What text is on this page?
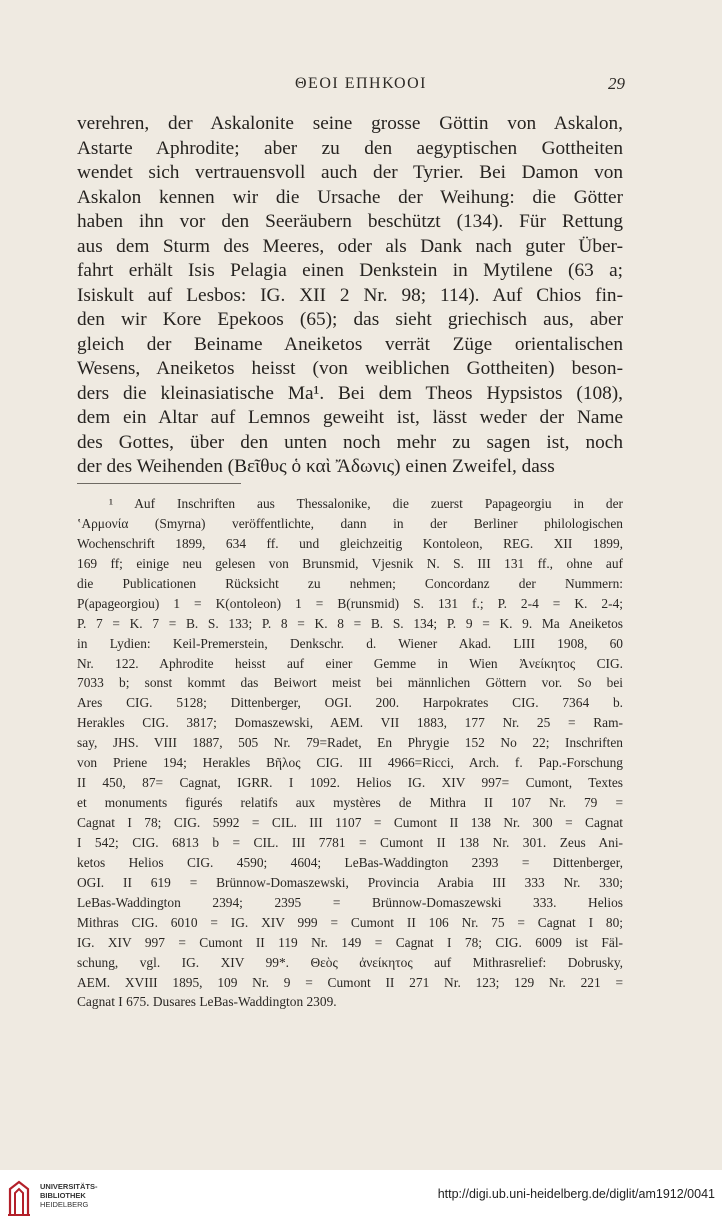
ΘΕΟΙ ΕΠΗΚΟΟΙ	29
verehren, der Askalonite seine grosse Göttin von Askalon,
Astarte Aphrodite; aber zu den aegyptischen Gottheiten
wendet sich vertrauensvoll auch der Tyrier. Bei Damon von
Askalon kennen wir die Ursache der Weihung: die Götter
haben ihn vor den Seeräubern beschützt (134). Für Rettung
aus dem Sturm des Meeres, oder als Dank nach guter Über-
fahrt erhält Isis Pelagia einen Denkstein in Mytilene (63 a;
Isiskult auf Lesbos: IG. XII 2 Nr. 98; 114). Auf Chios fin-
den wir Kore Epekoos (65); das sieht griechisch aus, aber
gleich der Beiname Aneiketos verrät Züge orientalischen
Wesens, Aneiketos heisst (von weiblichen Gottheiten) beson-
ders die kleinasiatische Ma¹. Bei dem Theos Hypsistos (108),
dem ein Altar auf Lemnos geweiht ist, lässt weder der Name
des Gottes, über den unten noch mehr zu sagen ist, noch
der des Weihenden (Βεῖθυς ὁ καὶ Ἄδωνις) einen Zweifel, dass
¹ Auf Inschriften aus Thessalonike, die zuerst Papageorgiu in der
ʽΑρμονία (Smyrna) veröffentlichte, dann in der Berliner philologischen
Wochenschrift 1899, 634 ff. und gleichzeitig Kontoleon, REG. XII 1899,
169 ff; einige neu gelesen von Brunsmid, Vjesnik N. S. III 131 ff., ohne auf
die Publicationen Rücksicht zu nehmen; Concordanz der Nummern:
P(apageorgiou) 1 = K(ontoleon) 1 = B(runsmid) S. 131 f.; P. 2-4 = K. 2-4;
P. 7 = K. 7 = B. S. 133; P. 8 = K. 8 = B. S. 134; P. 9 = K. 9. Ma Aneiketos
in Lydien: Keil-Premerstein, Denkschr. d. Wiener Akad. LIII 1908, 60
Nr. 122. Aphrodite heisst auf einer Gemme in Wien Ἀνείκητος CIG.
7033 b; sonst kommt das Beiwort meist bei männlichen Göttern vor. So bei
Ares CIG. 5128; Dittenberger, OGI. 200. Harpokrates CIG. 7364 b.
Herakles CIG. 3817; Domaszewski, AEM. VII 1883, 177 Nr. 25 = Ram-
say, JHS. VIII 1887, 505 Nr. 79=Radet, En Phrygie 152 No 22; Inschriften
von Priene 194; Herakles Βῆλος CIG. III 4966=Ricci, Arch. f. Pap.-Forschung
II 450, 87= Cagnat, IGRR. I 1092. Helios IG. XIV 997= Cumont, Textes
et monuments figurés relatifs aux mystères de Mithra II 107 Nr. 79 =
Cagnat I 78; CIG. 5992 = CIL. III 1107 = Cumont II 138 Nr. 300 = Cagnat
I 542; CIG. 6813 b = CIL. III 7781 = Cumont II 138 Nr. 301. Zeus Ani-
ketos Helios CIG. 4590; 4604; LeBas-Waddington 2393 = Dittenberger,
OGI. II 619 = Brünnow-Domaszewski, Provincia Arabia III 333 Nr. 330;
LeBas-Waddington 2394; 2395 = Brünnow-Domaszewski 333. Helios
Mithras CIG. 6010 = IG. XIV 999 = Cumont II 106 Nr. 75 = Cagnat I 80;
IG. XIV 997 = Cumont II 119 Nr. 149 = Cagnat I 78; CIG. 6009 ist Fäl-
schung, vgl. IG. XIV 99*. Θεὸς ἀνείκητος auf Mithrasrelief: Dobrusky,
AEM. XVIII 1895, 109 Nr. 9 = Cumont II 271 Nr. 123; 129 Nr. 221 =
Cagnat I 675. Dusares LeBas-Waddington 2309.
UNIVERSITÄTS-
BIBLIOTHEK
HEIDELBERG
http://digi.ub.uni-heidelberg.de/diglit/am1912/0041
